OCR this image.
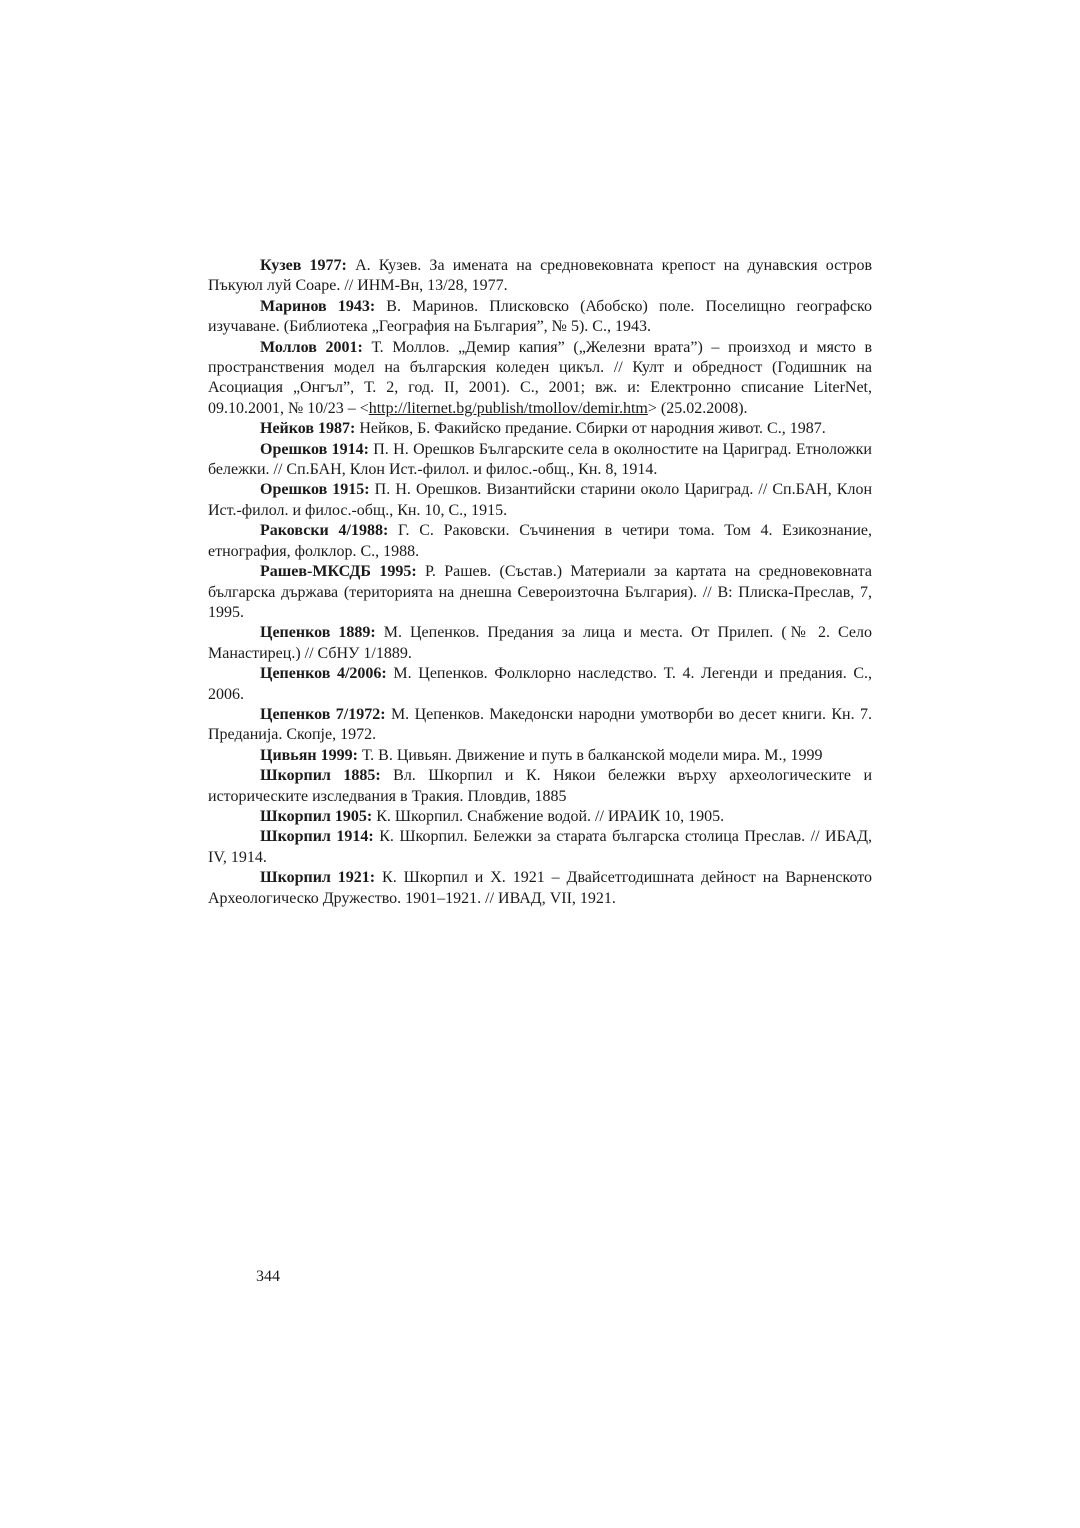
Кузев 1977: А. Кузев. За имената на средновековната крепост на дунавския остров Пъкуюл луй Соаре. // ИНМ-Вн, 13/28, 1977.

Маринов 1943: В. Маринов. Плисковско (Абобско) поле. Поселищно географско изучаване. (Библиотека „География на България”, № 5). С., 1943.

Моллов 2001: Т. Моллов. „Демир капия” („Железни врата”) – произход и място в пространствения модел на българския коледен цикъл. // Култ и обредност (Годишник на Асоциация „Онгъл”, Т. 2, год. II, 2001). С., 2001; вж. и: Електронно списание LiterNet, 09.10.2001, № 10/23 – <http://liternet.bg/publish/tmollov/demir.htm> (25.02.2008).

Нейков 1987: Нейков, Б. Факийско предание. Сбирки от народния живот. С., 1987.

Орешков 1914: П. Н. Орешков Българските села в околностите на Цариград. Етноложки бележки. // Сп.БАН, Клон Ист.-филол. и филос.-общ., Кн. 8, 1914.

Орешков 1915: П. Н. Орешков. Византийски старини около Цариград. // Сп.БАН, Клон Ист.-филол. и филос.-общ., Кн. 10, С., 1915.

Раковски 4/1988: Г. С. Раковски. Съчинения в четири тома. Том 4. Езикознание, етнография, фолклор. С., 1988.

Рашев-МКСДБ 1995: Р. Рашев. (Състав.) Материали за картата на средновековната българска държава (територията на днешна Североизточна България). // В: Плиска-Преслав, 7, 1995.

Цепенков 1889: М. Цепенков. Предания за лица и места. От Прилеп. (№ 2. Село Манастирец.) // СбНУ 1/1889.

Цепенков 4/2006: М. Цепенков. Фолклорно наследство. Т. 4. Легенди и предания. С., 2006.

Цепенков 7/1972: М. Цепенков. Македонски народни умотворби во десет книги. Кн. 7. Преданија. Скопје, 1972.

Цивьян 1999: Т. В. Цивьян. Движение и путь в балканской модели мира. М., 1999

Шкорпил 1885: Вл. Шкорпил и К. Някои бележки върху археологическите и историческите изследвания в Тракия. Пловдив, 1885

Шкорпил 1905: К. Шкорпил. Снабжение водой. // ИРАИК 10, 1905.

Шкорпил 1914: К. Шкорпил. Бележки за старата българска столица Преслав. // ИБАД, IV, 1914.

Шкорпил 1921: К. Шкорпил и Х. 1921 – Двайсетгодишната дейност на Варненското Археологическо Дружество. 1901–1921. // ИВАД, VII, 1921.

344
